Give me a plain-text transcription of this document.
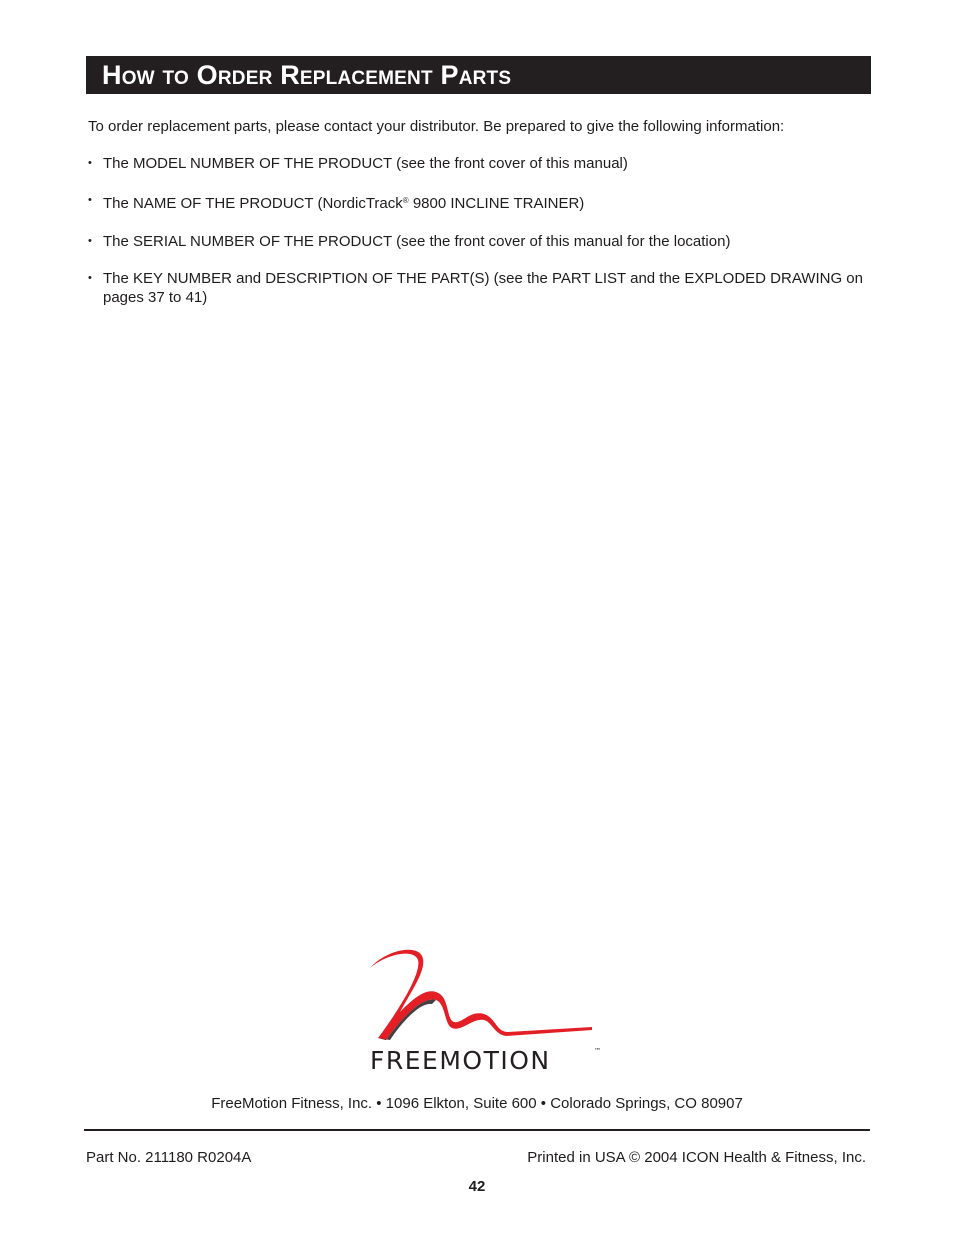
How to Order Replacement Parts
To order replacement parts, please contact your distributor. Be prepared to give the following information:
• The MODEL NUMBER OF THE PRODUCT (see the front cover of this manual)
• The NAME OF THE PRODUCT (NordicTrack® 9800 INCLINE TRAINER)
• The SERIAL NUMBER OF THE PRODUCT (see the front cover of this manual for the location)
• The KEY NUMBER and DESCRIPTION OF THE PART(S) (see the PART LIST and the EXPLODED DRAWING on pages 37 to 41)
FREEMOTION	™
FreeMotion Fitness, Inc. • 1096 Elkton, Suite 600 • Colorado Springs, CO 80907
Part No. 211180 R0204A	Printed in USA © 2004 ICON Health & Fitness, Inc.
42
